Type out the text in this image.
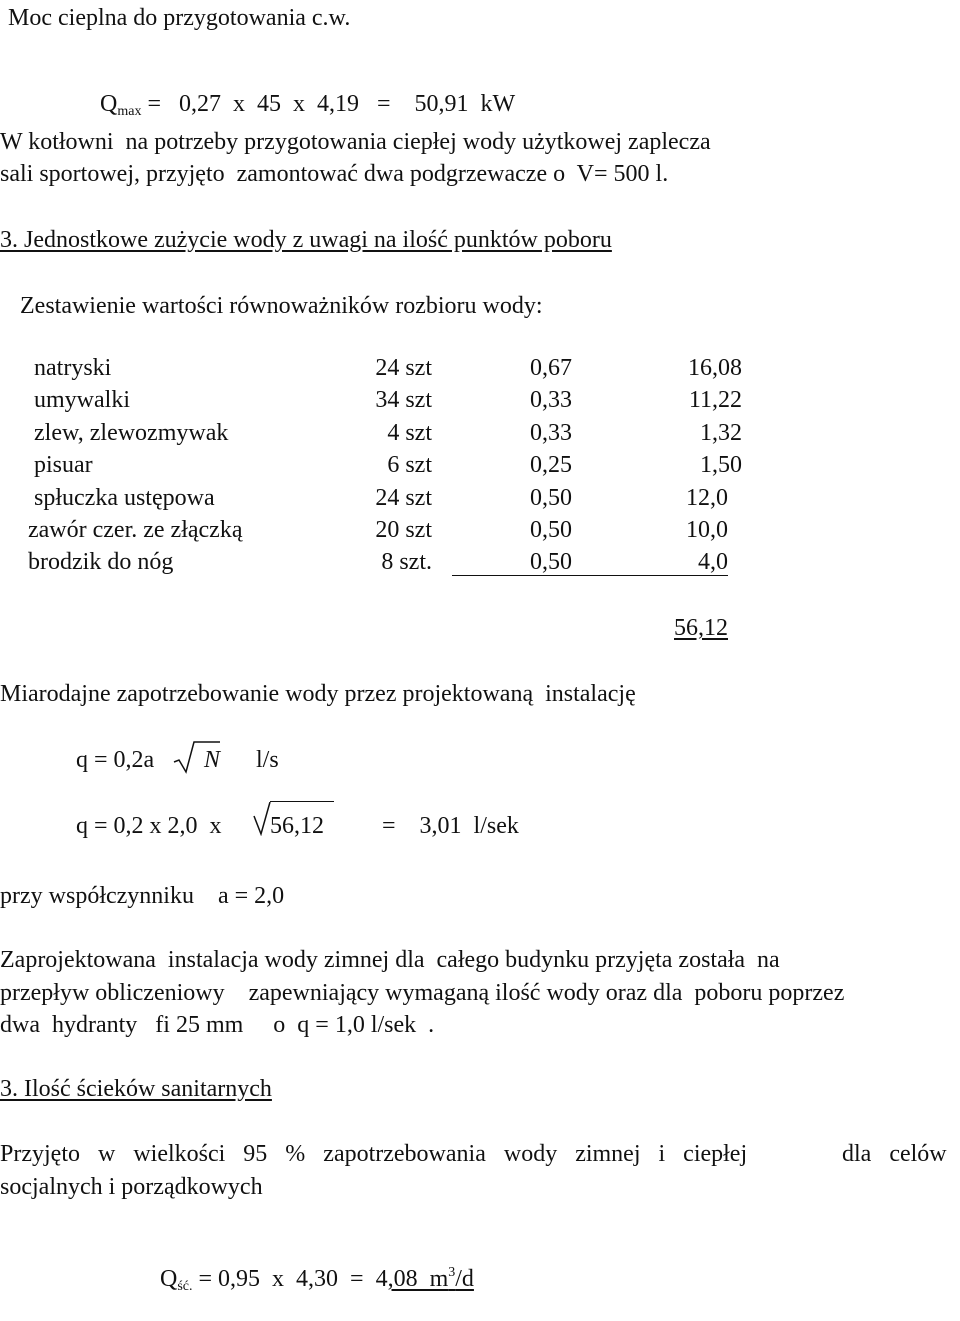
Moc cieplna do przygotowania c.w.

$Q_{max} = 0,27$  x  45  x  4,19   =    50,91  kW

W kotłowni  na potrzeby przygotowania ciepłej wody użytkowej zaplecza
sali sportowej, przyjęto  zamontować dwa podgrzewacze o  V= 500 l.
3. Jednostkowe zużycie wody z uwagi na ilość punktów poboru
Zestawienie wartości równoważników rozbioru wody:
natryski	24 szt	0,67	16,08
umywalki	34 szt	0,33	11,22
zlew, zlewozmywak	4 szt	0,33	1,32
pisuar	6 szt	0,25	1,50
spłuczka ustępowa	24 szt	0,50	12,0
zawór czer. ze złączką	20 szt	0,50	10,0
brodzik do nóg	8 szt.	0,50	4,0
56,12
Miarodajne zapotrzebowanie wody przez projektowaną  instalację
q = 0,2a N l/s
q = 0,2 x 2,0  x 56,12 =    3,01  l/sek
przy współczynniku    a = 2,0
Zaprojektowana  instalacja wody zimnej dla  całego budynku przyjęta została  na
przepływ obliczeniowy    zapewniający wymaganą ilość wody oraz dla  poboru poprzez
dwa  hydranty   fi 25 mm     o  q = 1,0 l/sek  .
3. Ilość ścieków sanitarnych
Przyjęto   w   wielkości   95   %   zapotrzebowania   wody   zimnej   i   ciepłej	dla   celów
socjalnych i porządkowych

$Q_{ść.} = 0,95$  x  4,30  =  4,08  $m^3/d$
